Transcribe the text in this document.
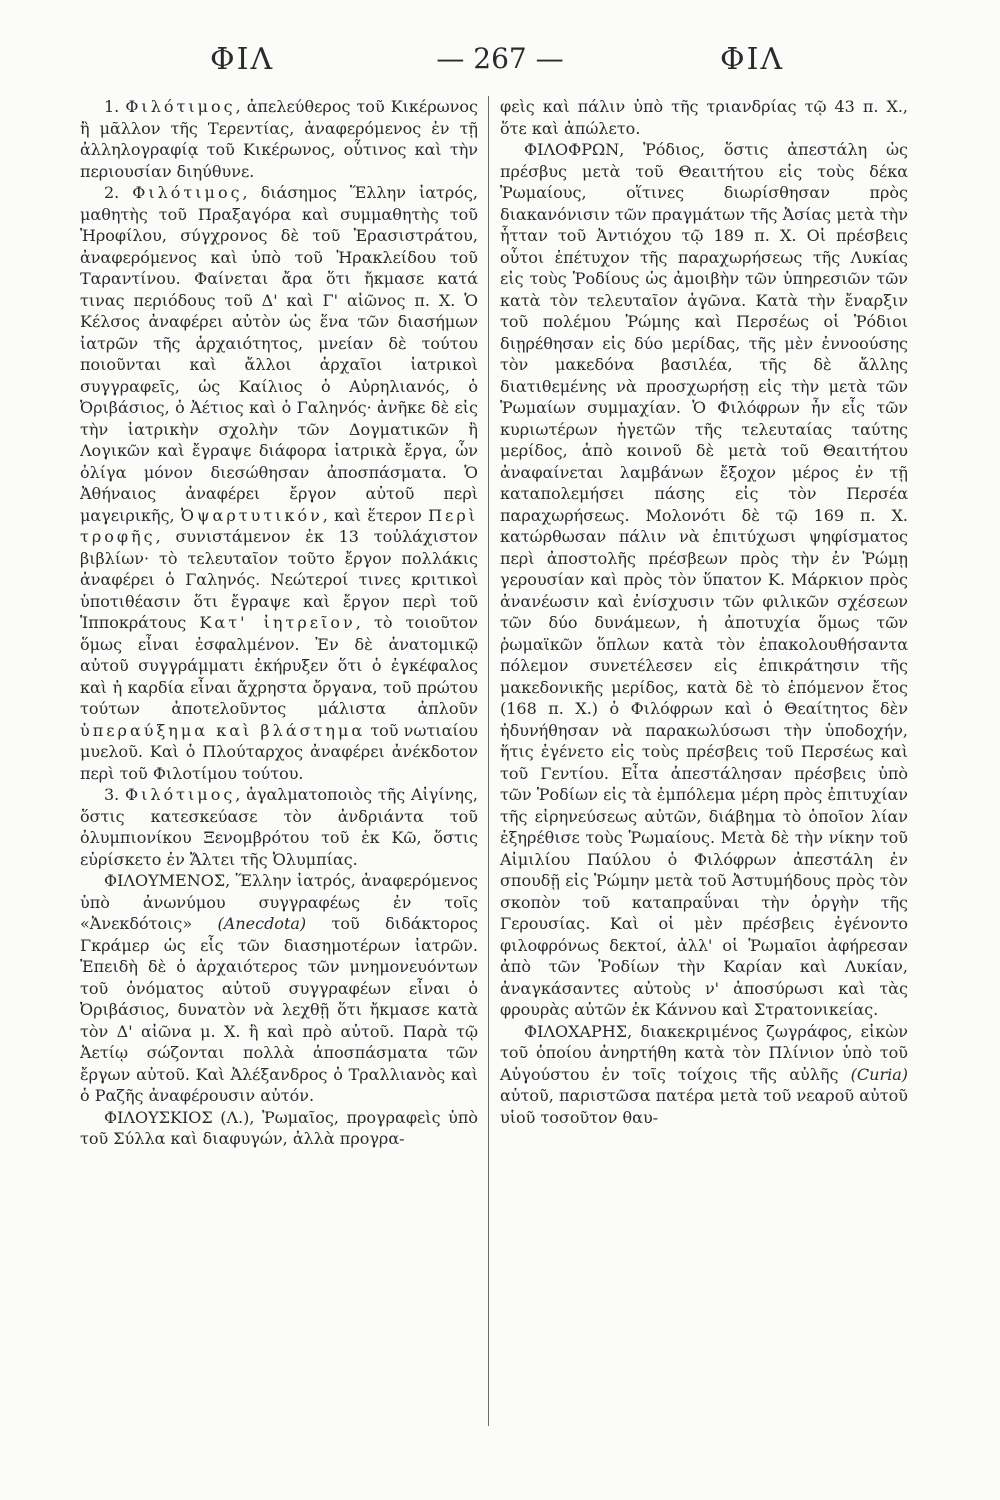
ΦΙΛ	— 267 —	ΦΙΛ

1. Φιλότιμος, ἀπελεύθερος τοῦ Κικέρωνος ἢ μᾶλλον τῆς Τερεντίας, ἀναφερόμενος ἐν τῇ ἀλληλογραφίᾳ τοῦ Κικέρωνος, οὗτινος καὶ τὴν περιουσίαν διηύθυνε.

2. Φιλότιμος, διάσημος Ἕλλην ἰατρός, μαθητὴς τοῦ Πραξαγόρα καὶ συμμαθητὴς τοῦ Ἡροφίλου, σύγχρονος δὲ τοῦ Ἐρασιστράτου, ἀναφερόμενος καὶ ὑπὸ τοῦ Ἡρακλείδου τοῦ Ταραντίνου. Φαίνεται ἄρα ὅτι ἤκμασε κατά τινας περιόδους τοῦ Δ' καὶ Γ' αἰῶνος π. Χ. Ὁ Κέλσος ἀναφέρει αὐτὸν ὡς ἕνα τῶν διασήμων ἰατρῶν τῆς ἀρχαιότητος, μνείαν δὲ τούτου ποιοῦνται καὶ ἄλλοι ἀρχαῖοι ἰατρικοὶ συγγραφεῖς, ὡς Καίλιος ὁ Αὐρηλιανός, ὁ Ὀριβάσιος, ὁ Ἀέτιος καὶ ὁ Γαληνός· ἀνῆκε δὲ εἰς τὴν ἰατρικὴν σχολὴν τῶν Δογματικῶν ἢ Λογικῶν καὶ ἔγραψε διάφορα ἰατρικὰ ἔργα, ὧν ὀλίγα μόνον διεσώθησαν ἀποσπάσματα. Ὁ Ἀθήναιος ἀναφέρει ἔργον αὐτοῦ περὶ μαγειρικῆς, Ὀψαρτυτικόν, καὶ ἕτερον Περὶ τροφῆς, συνιστάμενον ἐκ 13 τοὐλάχιστον βιβλίων· τὸ τελευταῖον τοῦτο ἔργον πολλάκις ἀναφέρει ὁ Γαληνός. Νεώτεροί τινες κριτικοὶ ὑποτιθέασιν ὅτι ἔγραψε καὶ ἔργον περὶ τοῦ Ἱπποκράτους Κατ' ἰητρεῖον, τὸ τοιοῦτον ὅμως εἶναι ἐσφαλμένον. Ἐν δὲ ἀνατομικῷ αὐτοῦ συγγράμματι ἐκήρυξεν ὅτι ὁ ἐγκέφαλος καὶ ἡ καρδία εἶναι ἄχρηστα ὄργανα, τοῦ πρώτου τούτων ἀποτελοῦντος μάλιστα ἁπλοῦν ὑπεραύξημα καὶ βλάστημα τοῦ νωτιαίου μυελοῦ. Καὶ ὁ Πλούταρχος ἀναφέρει ἀνέκδοτον περὶ τοῦ Φιλοτίμου τούτου.

3. Φιλότιμος, ἀγαλματοποιὸς τῆς Αἰγίνης, ὅστις κατεσκεύασε τὸν ἀνδριάντα τοῦ ὀλυμπιονίκου Ξενομβρότου τοῦ ἐκ Κῶ, ὅστις εὑρίσκετο ἐν Ἄλτει τῆς Ὀλυμπίας.

ΦΙΛΟΥΜΕΝΟΣ, Ἕλλην ἰατρός, ἀναφερόμενος ὑπὸ ἀνωνύμου συγγραφέως ἐν τοῖς «Ἀνεκδότοις» (Anecdota) τοῦ διδάκτορος Γκράμερ ὡς εἷς τῶν διασημοτέρων ἰατρῶν. Ἐπειδὴ δὲ ὁ ἀρχαιότερος τῶν μνημονευόντων τοῦ ὀνόματος αὐτοῦ συγγραφέων εἶναι ὁ Ὀριβάσιος, δυνατὸν νὰ λεχθῇ ὅτι ἤκμασε κατὰ τὸν Δ' αἰῶνα μ. Χ. ἢ καὶ πρὸ αὐτοῦ. Παρὰ τῷ Ἀετίῳ σώζονται πολλὰ ἀποσπάσματα τῶν ἔργων αὐτοῦ. Καὶ Ἀλέξανδρος ὁ Τραλλιανὸς καὶ ὁ Ραζῆς ἀναφέρουσιν αὐτόν.

ΦΙΛΟΥΣΚΙΟΣ (Λ.), Ῥωμαῖος, προγραφεὶς ὑπὸ τοῦ Σύλλα καὶ διαφυγών, ἀλλὰ προγρα-

φεὶς καὶ πάλιν ὑπὸ τῆς τριανδρίας τῷ 43 π. Χ., ὅτε καὶ ἀπώλετο.

ΦΙΛΟΦΡΩΝ, Ῥόδιος, ὅστις ἀπεστάλη ὡς πρέσβυς μετὰ τοῦ Θεαιτήτου εἰς τοὺς δέκα Ῥωμαίους, οἵτινες διωρίσθησαν πρὸς διακανόνισιν τῶν πραγμάτων τῆς Ἀσίας μετὰ τὴν ἧτταν τοῦ Ἀντιόχου τῷ 189 π. Χ. Οἱ πρέσβεις οὗτοι ἐπέτυχον τῆς παραχωρήσεως τῆς Λυκίας εἰς τοὺς Ῥοδίους ὡς ἀμοιβὴν τῶν ὑπηρεσιῶν τῶν κατὰ τὸν τελευταῖον ἀγῶνα. Κατὰ τὴν ἔναρξιν τοῦ πολέμου Ῥώμης καὶ Περσέως οἱ Ῥόδιοι διῃρέθησαν εἰς δύο μερίδας, τῆς μὲν ἐννοούσης τὸν μακεδόνα βασιλέα, τῆς δὲ ἄλλης διατιθεμένης νὰ προσχωρήσῃ εἰς τὴν μετὰ τῶν Ῥωμαίων συμμαχίαν. Ὁ Φιλόφρων ἦν εἷς τῶν κυριωτέρων ἡγετῶν τῆς τελευταίας ταύτης μερίδος, ἀπὸ κοινοῦ δὲ μετὰ τοῦ Θεαιτήτου ἀναφαίνεται λαμβάνων ἔξοχον μέρος ἐν τῇ καταπολεμήσει πάσης εἰς τὸν Περσέα παραχωρήσεως. Μολονότι δὲ τῷ 169 π. Χ. κατώρθωσαν πάλιν νὰ ἐπιτύχωσι ψηφίσματος περὶ ἀποστολῆς πρέσβεων πρὸς τὴν ἐν Ῥώμῃ γερουσίαν καὶ πρὸς τὸν ὕπατον Κ. Μάρκιον πρὸς ἀνανέωσιν καὶ ἐνίσχυσιν τῶν φιλικῶν σχέσεων τῶν δύο δυνάμεων, ἡ ἀποτυχία ὅμως τῶν ῥωμαϊκῶν ὅπλων κατὰ τὸν ἐπακολουθήσαντα πόλεμον συνετέλεσεν εἰς ἐπικράτησιν τῆς μακεδονικῆς μερίδος, κατὰ δὲ τὸ ἑπόμενον ἔτος (168 π. Χ.) ὁ Φιλόφρων καὶ ὁ Θεαίτητος δὲν ἠδυνήθησαν νὰ παρακωλύσωσι τὴν ὑποδοχήν, ἥτις ἐγένετο εἰς τοὺς πρέσβεις τοῦ Περσέως καὶ τοῦ Γεντίου. Εἶτα ἀπεστάλησαν πρέσβεις ὑπὸ τῶν Ῥοδίων εἰς τὰ ἐμπόλεμα μέρη πρὸς ἐπιτυχίαν τῆς εἰρηνεύσεως αὐτῶν, διάβημα τὸ ὁποῖον λίαν ἐξηρέθισε τοὺς Ῥωμαίους. Μετὰ δὲ τὴν νίκην τοῦ Αἰμιλίου Παύλου ὁ Φιλόφρων ἀπεστάλη ἐν σπουδῇ εἰς Ῥώμην μετὰ τοῦ Ἀστυμήδους πρὸς τὸν σκοπὸν τοῦ καταπραΰναι τὴν ὀργὴν τῆς Γερουσίας. Καὶ οἱ μὲν πρέσβεις ἐγένοντο φιλοφρόνως δεκτοί, ἀλλ' οἱ Ῥωμαῖοι ἀφήρεσαν ἀπὸ τῶν Ῥοδίων τὴν Καρίαν καὶ Λυκίαν, ἀναγκάσαντες αὐτοὺς ν' ἀποσύρωσι καὶ τὰς φρουρὰς αὐτῶν ἐκ Κάννου καὶ Στρατονικείας.

ΦΙΛΟΧΑΡΗΣ, διακεκριμένος ζωγράφος, εἰκὼν τοῦ ὁποίου ἀνηρτήθη κατὰ τὸν Πλίνιον ὑπὸ τοῦ Αὐγούστου ἐν τοῖς τοίχοις τῆς αὐλῆς (Curia) αὐτοῦ, παριστῶσα πατέρα μετὰ τοῦ νεαροῦ αὐτοῦ υἱοῦ τοσοῦτον θαυ-
